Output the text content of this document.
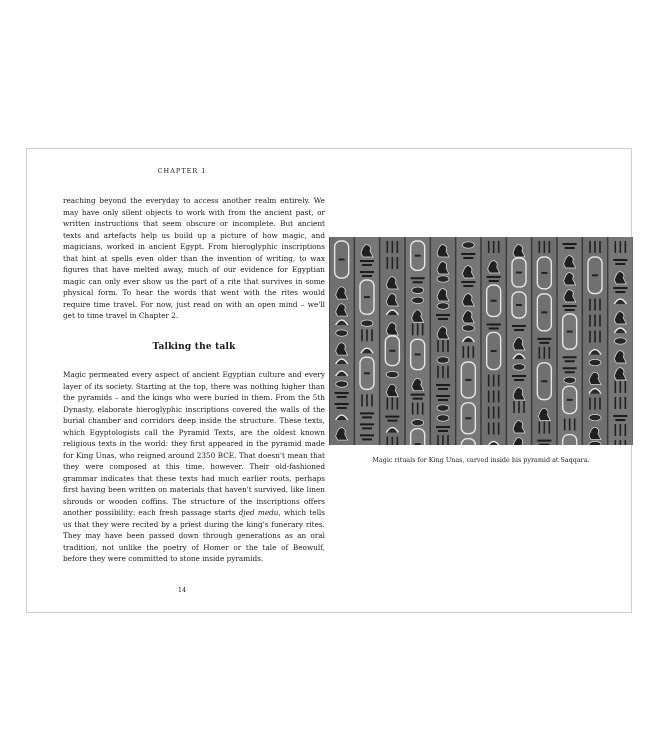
CHAPTER 1

reaching beyond the everyday to access another realm entirely. We may have only silent objects to work with from the ancient past, or written instructions that seem obscure or incomplete. But ancient texts and artefacts help us build up a picture of how magic, and magicians, worked in ancient Egypt. From hieroglyphic inscriptions that hint at spells even older than the invention of writing, to wax figures that have melted away, much of our evidence for Egyptian magic can only ever show us the part of a rite that survives in some physical form. To hear the words that went with the rites would require time travel. For now, just read on with an open mind – we'll get to time travel in Chapter 2.

Talking the talk

Magic permeated every aspect of ancient Egyptian culture and every layer of its society. Starting at the top, there was nothing higher than the pyramids – and the kings who were buried in them. From the 5th Dynasty, elaborate hieroglyphic inscriptions covered the walls of the burial chamber and corridors deep inside the structure. These texts, which Egyptologists call the Pyramid Texts, are the oldest known religious texts in the world: they first appeared in the pyramid made for King Unas, who reigned around 2350 BCE. That doesn't mean that they were composed at this time, however. Their old-fashioned grammar indicates that these texts had much earlier roots, perhaps first having been written on materials that haven't survived, like linen shrouds or wooden coffins. The structure of the inscriptions offers another possibility: each fresh passage starts djed medu, which tells us that they were recited by a priest during the king's funerary rites. They may have been passed down through generations as an oral tradition, not unlike the poetry of Homer or the tale of Beowulf, before they were committed to stone inside pyramids.

14
Magic rituals for King Unas, carved inside his pyramid at Saqqara.
